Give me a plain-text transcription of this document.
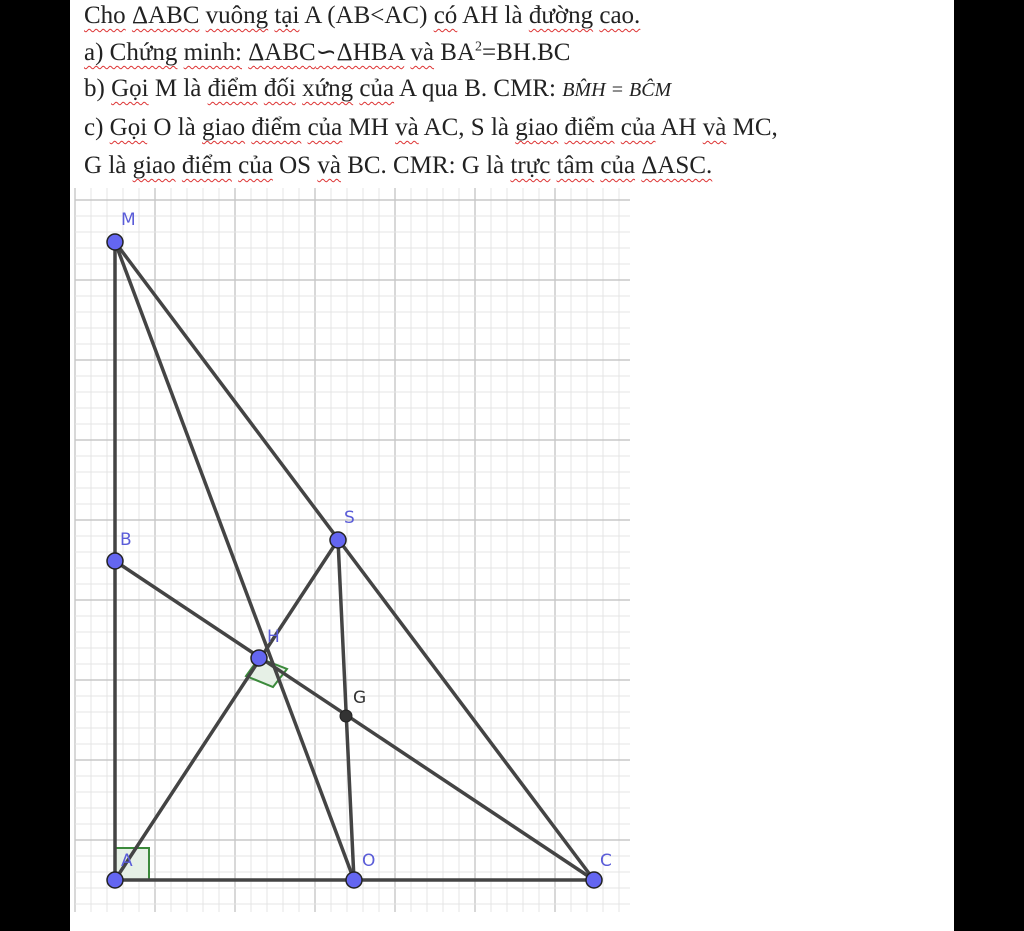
Cho ΔABC vuông tại A (AB<AC) có AH là đường cao.
a) Chứng minh: ΔABC∽ΔHBA và $BA^2=BH.BC$
b) Gọi M là điểm đối xứng của A qua B. CMR: BM̂H = BĈM
c) Gọi O là giao điểm của MH và AC, S là giao điểm của AH và MC,
G là giao điểm của OS và BC. CMR: G là trực tâm của ΔASC.
M
B
S
H
G
A	O	C
